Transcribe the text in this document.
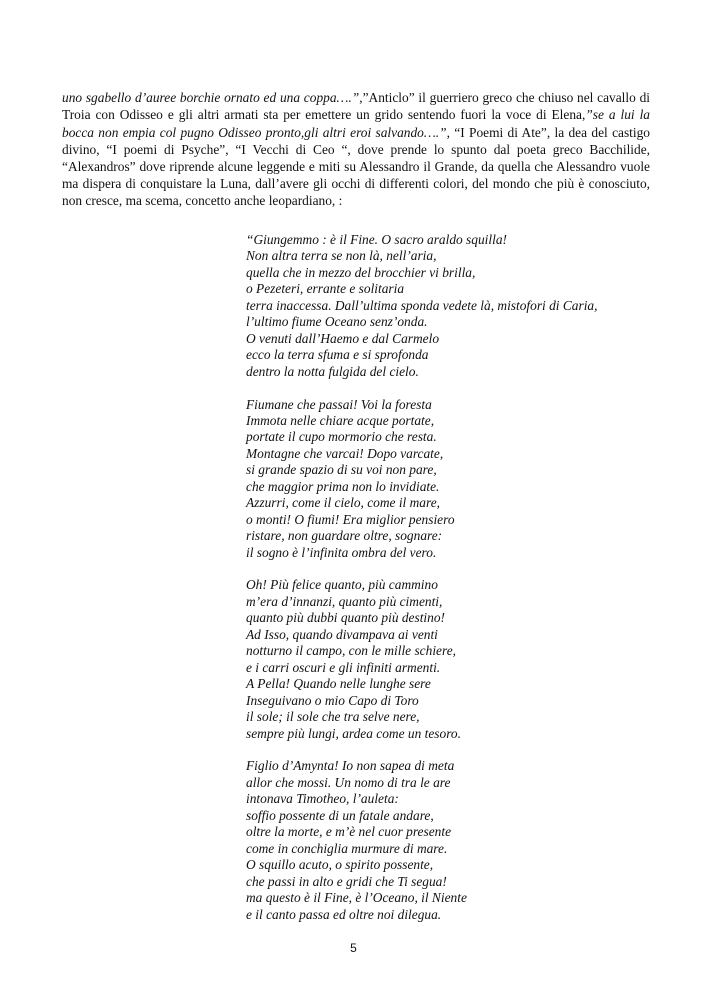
uno sgabello d’auree borchie ornato ed una coppa….”,”Anticlo” il guerriero greco che chiuso nel cavallo di Troia con Odisseo e gli altri armati sta per emettere un grido sentendo fuori la voce di Elena,”se a lui la bocca non empia col pugno Odisseo pronto,gli altri eroi salvando….”, “I Poemi di Ate”, la dea del castigo divino, “I poemi di Psyche”, “I Vecchi di Ceo “, dove prende lo spunto dal poeta greco Bacchilide, “Alexandros” dove riprende alcune leggende e miti su Alessandro il Grande, da quella che Alessandro vuole ma dispera di conquistare la Luna, dall’avere gli occhi di differenti colori, del mondo che più è conosciuto, non cresce, ma scema, concetto anche leopardiano, :

“Giungemmo : è il Fine. O sacro araldo squilla!
Non altra terra se non là, nell’aria,
quella che in mezzo del brocchier vi brilla,
o Pezeteri, errante e solitaria
terra inaccessa. Dall’ultima sponda vedete là, mistofori di Caria,
l’ultimo fiume Oceano senz’onda.
O venuti dall’Haemo e dal Carmelo
ecco la terra sfuma e si sprofonda
dentro la notta fulgida del cielo.
Fiumane che passai! Voi la foresta
Immota nelle chiare acque portate,
portate il cupo mormorio che resta.
Montagne che varcai! Dopo varcate,
si grande spazio di su voi non pare,
che maggior prima non lo invidiate.
Azzurri, come il cielo, come il mare,
o monti! O fiumi! Era miglior pensiero
ristare, non guardare oltre, sognare:
il sogno è l’infinita ombra del vero.
Oh! Più felice quanto, più cammino
m’era d’innanzi, quanto più cimenti,
quanto più dubbi quanto più destino!
Ad Isso, quando divampava ai venti
notturno il campo, con le mille schiere,
e i carri oscuri e gli infiniti armenti.
A Pella! Quando nelle lunghe sere
Inseguivano o mio Capo di Toro
il sole; il sole che tra selve nere,
sempre più lungi, ardea come un tesoro.
Figlio d’Amynta! Io non sapea di meta
allor che mossi. Un nomo di tra le are
intonava Timotheo, l’auleta:
soffio possente di un fatale andare,
oltre la morte, e m’è nel cuor presente
come in conchiglia murmure di mare.
O squillo acuto, o spirito possente,
che passi in alto e gridi che Ti segua!
ma questo è il Fine, è l’Oceano, il Niente
e il canto passa ed oltre noi dilegua.
5
